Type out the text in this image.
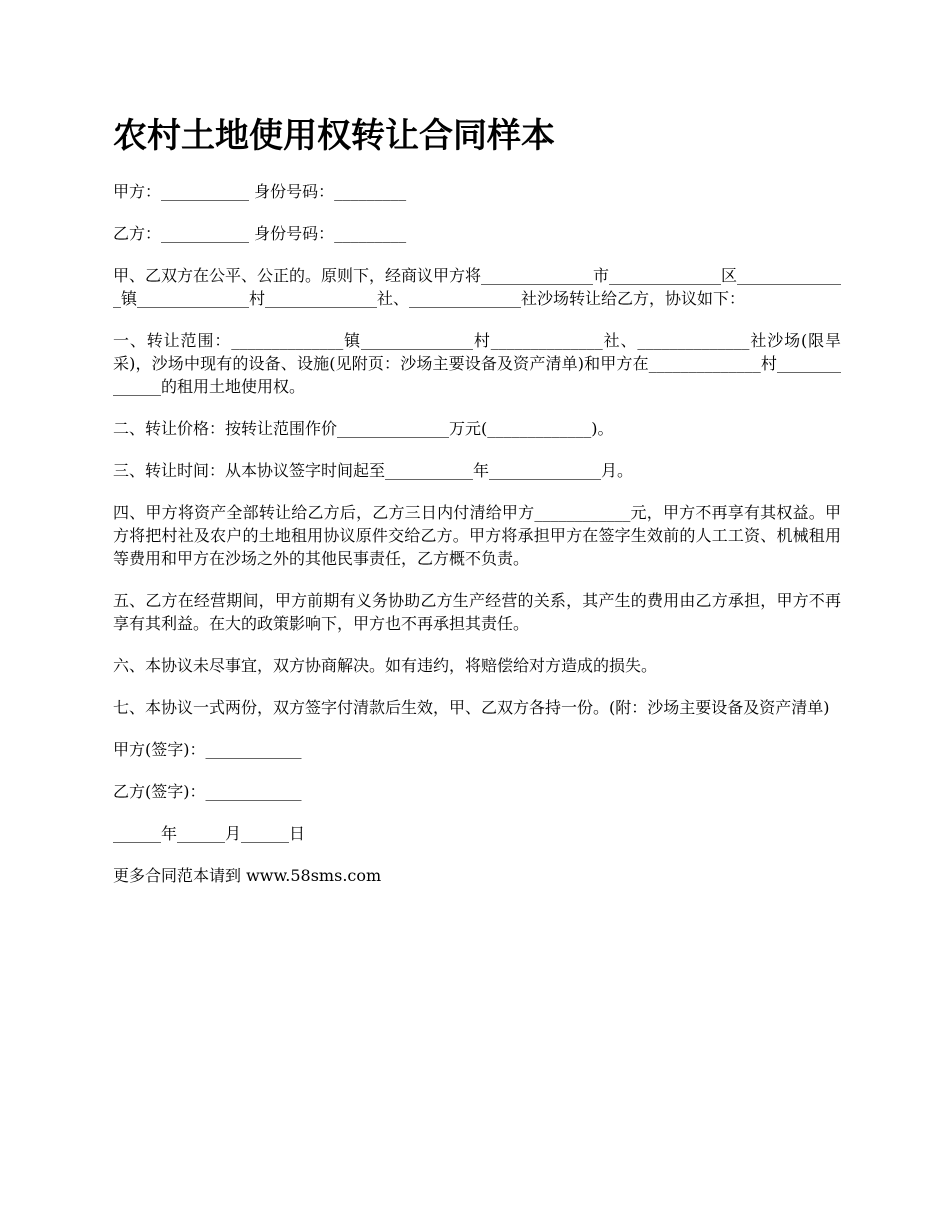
农村土地使用权转让合同样本

甲方：___________ 身份号码：_________

乙方：___________ 身份号码：_________

甲、乙双方在公平、公正的。原则下，经商议甲方将______________市______________区______________镇______________村______________社、______________社沙场转让给乙方，协议如下：

一、转让范围：______________镇______________村______________社、______________社沙场(限旱采)，沙场中现有的设备、设施(见附页：沙场主要设备及资产清单)和甲方在______________村______________的租用土地使用权。

二、转让价格：按转让范围作价______________万元(_____________)。

三、转让时间：从本协议签字时间起至___________年______________月。

四、甲方将资产全部转让给乙方后，乙方三日内付清给甲方____________元，甲方不再享有其权益。甲方将把村社及农户的土地租用协议原件交给乙方。甲方将承担甲方在签字生效前的人工工资、机械租用等费用和甲方在沙场之外的其他民事责任，乙方概不负责。

五、乙方在经营期间，甲方前期有义务协助乙方生产经营的关系，其产生的费用由乙方承担，甲方不再享有其利益。在大的政策影响下，甲方也不再承担其责任。

六、本协议未尽事宜，双方协商解决。如有违约，将赔偿给对方造成的损失。

七、本协议一式两份，双方签字付清款后生效，甲、乙双方各持一份。(附：沙场主要设备及资产清单)

甲方(签字)：____________

乙方(签字)：____________

______年______月______日

更多合同范本请到 www.58sms.com
